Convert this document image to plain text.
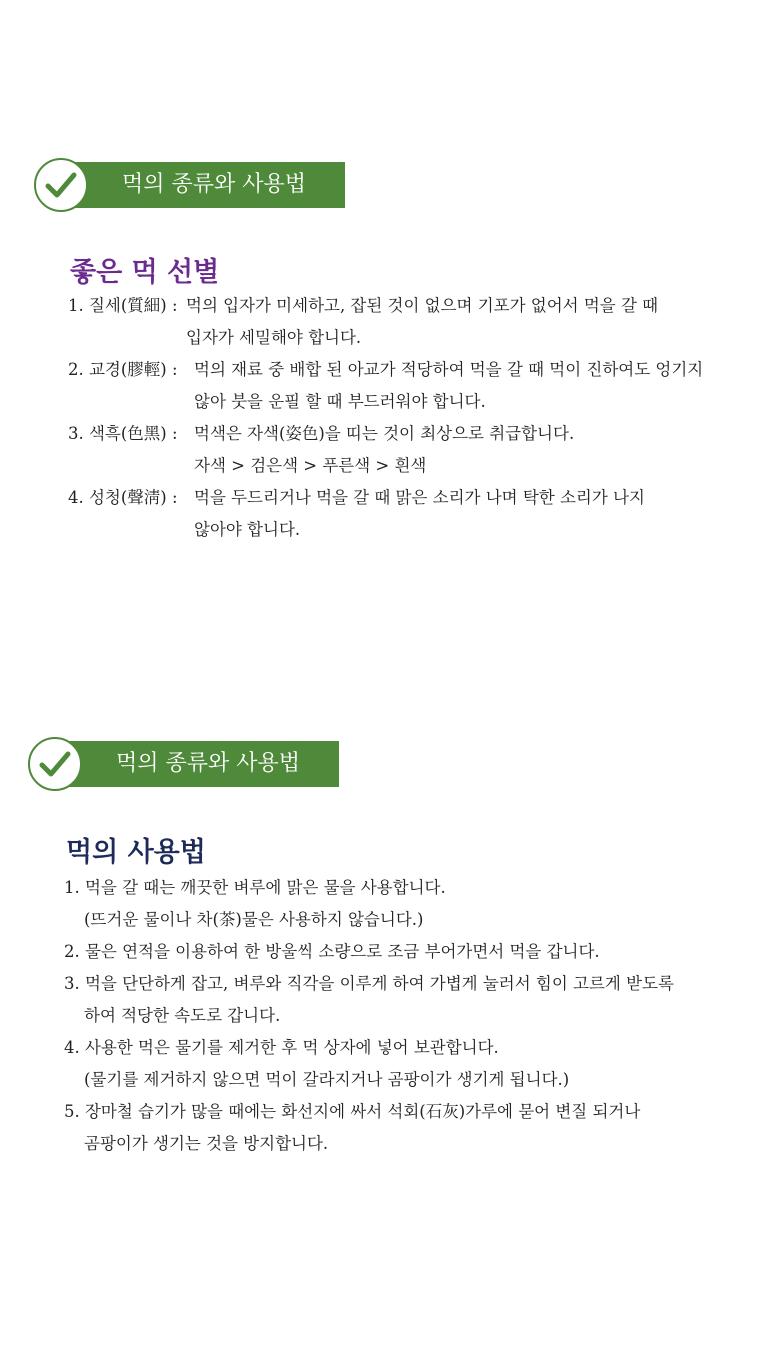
먹의 종류와 사용법
좋은 먹 선별
1. 질세(質細) : 먹의 입자가 미세하고, 잡된 것이 없으며 기포가 없어서 먹을 갈 때
입자가 세밀해야 합니다.
2. 교경(膠輕) : 먹의 재료 중 배합 된 아교가 적당하여 먹을 갈 때 먹이 진하여도 엉기지
않아 붓을 운필 할 때 부드러워야 합니다.
3. 색흑(色黑) : 먹색은 자색(姿色)을 띠는 것이 최상으로 취급합니다.
자색 > 검은색 > 푸른색 > 흰색
4. 성청(聲淸) : 먹을 두드리거나 먹을 갈 때 맑은 소리가 나며 탁한 소리가 나지
않아야 합니다.
먹의 종류와 사용법
먹의 사용법
1. 먹을 갈 때는 깨끗한 벼루에 맑은 물을 사용합니다.
(뜨거운 물이나 차(茶)물은 사용하지 않습니다.)
2. 물은 연적을 이용하여 한 방울씩 소량으로 조금 부어가면서 먹을 갑니다.
3. 먹을 단단하게 잡고, 벼루와 직각을 이루게 하여 가볍게 눌러서 힘이 고르게 받도록
하여 적당한 속도로 갑니다.
4. 사용한 먹은 물기를 제거한 후 먹 상자에 넣어 보관합니다.
(물기를 제거하지 않으면 먹이 갈라지거나 곰팡이가 생기게 됩니다.)
5. 장마철 습기가 많을 때에는 화선지에 싸서 석회(石灰)가루에 묻어 변질 되거나
곰팡이가 생기는 것을 방지합니다.
